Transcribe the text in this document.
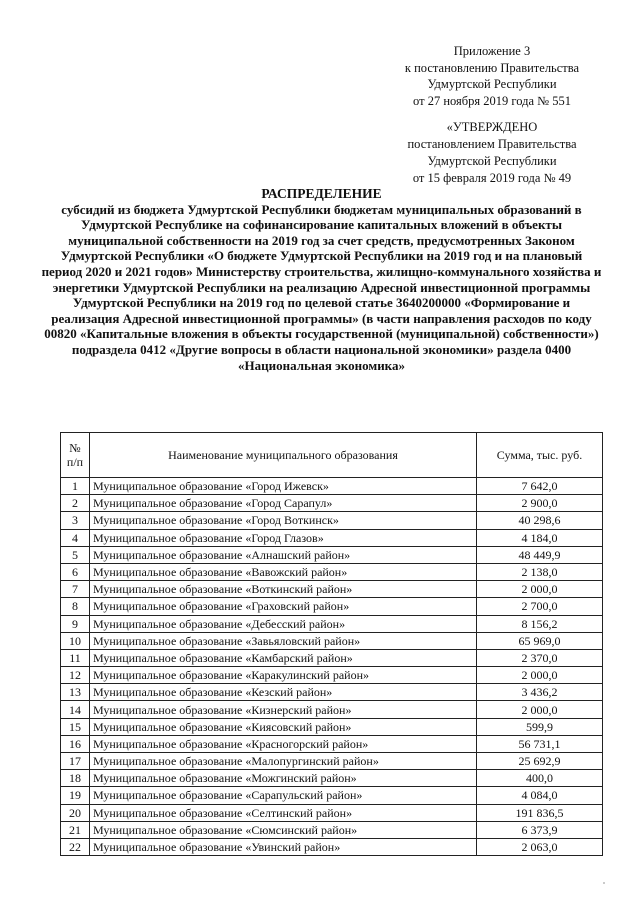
Приложение 3
к постановлению Правительства
Удмуртской Республики
от 27 ноября 2019 года № 551
«УТВЕРЖДЕНО
постановлением Правительства
Удмуртской Республики
от 15 февраля 2019 года № 49
РАСПРЕДЕЛЕНИЕ
субсидий из бюджета Удмуртской Республики бюджетам муниципальных образований в Удмуртской Республике на софинансирование капитальных вложений в объекты муниципальной собственности на 2019 год за счет средств, предусмотренных Законом Удмуртской Республики «О бюджете Удмуртской Республики на 2019 год и на плановый период 2020 и 2021 годов» Министерству строительства, жилищно-коммунального хозяйства и энергетики Удмуртской Республики на реализацию Адресной инвестиционной программы Удмуртской Республики на 2019 год по целевой статье 3640200000 «Формирование и реализация Адресной инвестиционной программы» (в части направления расходов по коду 00820 «Капитальные вложения в объекты государственной (муниципальной) собственности») подраздела 0412 «Другие вопросы в области национальной экономики» раздела 0400 «Национальная экономика»
№
п/п	Наименование муниципального образования	Сумма, тыс. руб.
1	Муниципальное образование «Город Ижевск»	7 642,0
2	Муниципальное образование «Город Сарапул»	2 900,0
3	Муниципальное образование «Город Воткинск»	40 298,6
4	Муниципальное образование «Город Глазов»	4 184,0
5	Муниципальное образование «Алнашский район»	48 449,9
6	Муниципальное образование «Вавожский район»	2 138,0
7	Муниципальное образование «Воткинский район»	2 000,0
8	Муниципальное образование «Граховский район»	2 700,0
9	Муниципальное образование «Дебесский район»	8 156,2
10	Муниципальное образование «Завьяловский район»	65 969,0
11	Муниципальное образование «Камбарский район»	2 370,0
12	Муниципальное образование «Каракулинский район»	2 000,0
13	Муниципальное образование «Кезский район»	3 436,2
14	Муниципальное образование «Кизнерский район»	2 000,0
15	Муниципальное образование «Киясовский район»	599,9
16	Муниципальное образование «Красногорский район»	56 731,1
17	Муниципальное образование «Малопургинский район»	25 692,9
18	Муниципальное образование «Можгинский район»	400,0
19	Муниципальное образование «Сарапульский район»	4 084,0
20	Муниципальное образование «Селтинский район»	191 836,5
21	Муниципальное образование «Сюмсинский район»	6 373,9
22	Муниципальное образование «Увинский район»	2 063,0
